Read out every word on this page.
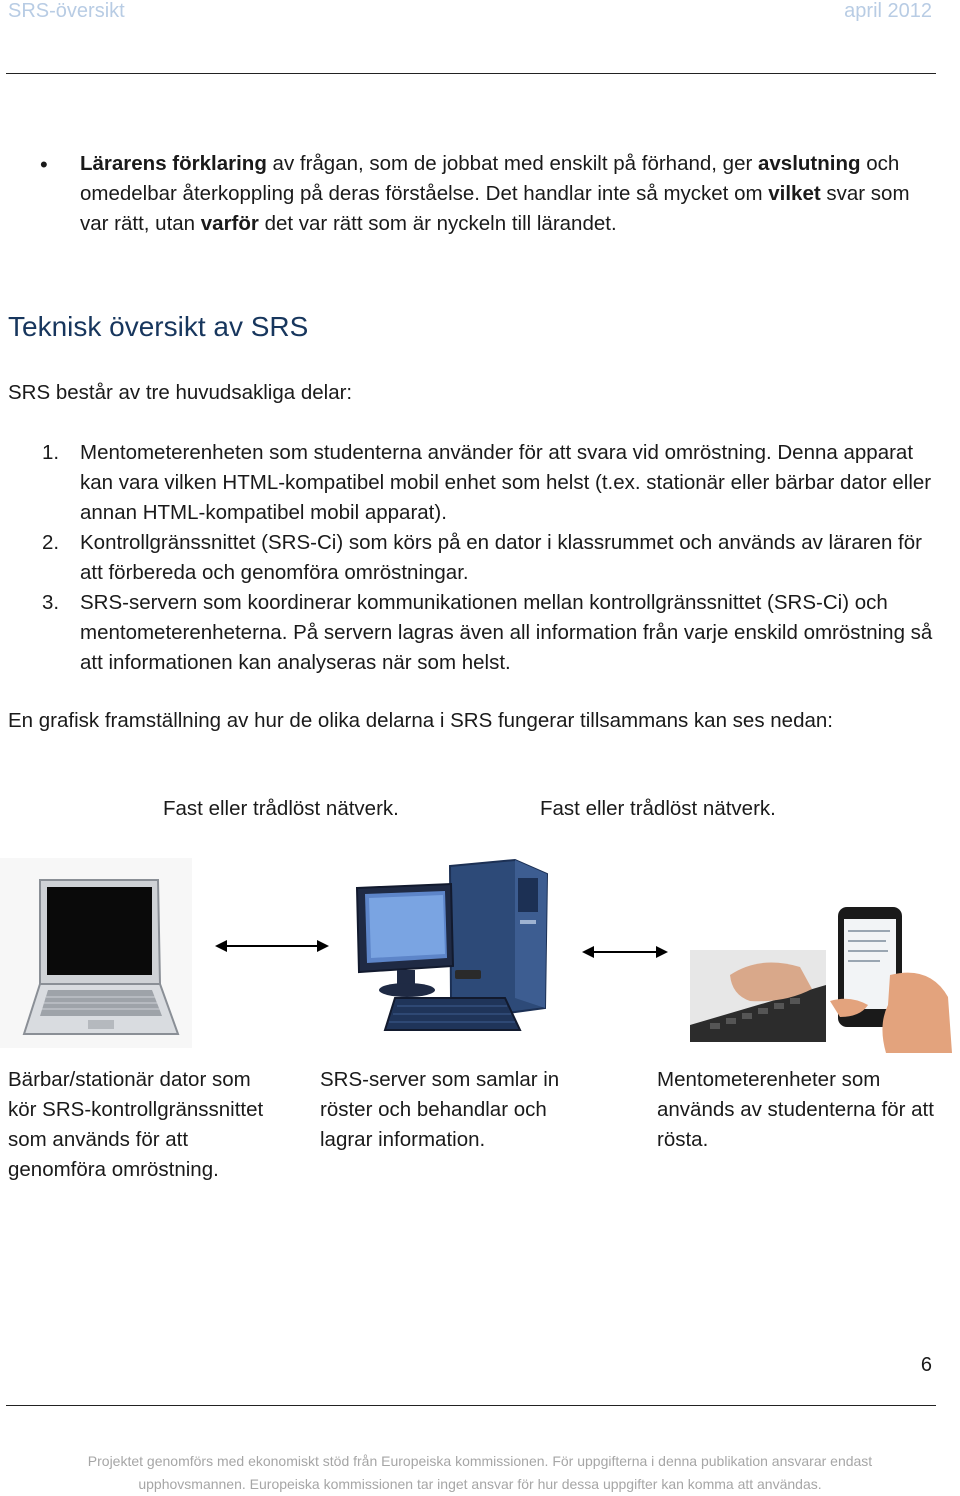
SRS-översikt	april 2012
• Lärarens förklaring av frågan, som de jobbat med enskilt på förhand, ger avslutning och omedelbar återkoppling på deras förståelse. Det handlar inte så mycket om vilket svar som var rätt, utan varför det var rätt som är nyckeln till lärandet.
Teknisk översikt av SRS
SRS består av tre huvudsakliga delar:
1.	Mentometerenheten som studenterna använder för att svara vid omröstning. Denna apparat kan vara vilken HTML-kompatibel mobil enhet som helst (t.ex. stationär eller bärbar dator eller annan HTML-kompatibel mobil apparat).
2.	Kontrollgränssnittet (SRS-Ci) som körs på en dator i klassrummet och används av läraren för att förbereda och genomföra omröstningar.
3.	SRS-servern som koordinerar kommunikationen mellan kontrollgränssnittet (SRS-Ci) och mentometerenheterna. På servern lagras även all information från varje enskild omröstning så att informationen kan analyseras när som helst.
En grafisk framställning av hur de olika delarna i SRS fungerar tillsammans kan ses nedan:
Fast eller trådlöst nätverk.	Fast eller trådlöst nätverk.
Bärbar/stationär dator som kör SRS-kontrollgränssnittet som används för att genomföra omröstning.
SRS-server som samlar in röster och behandlar och lagrar information.
Mentometerenheter som används av studenterna för att rösta.
6
Projektet genomförs med ekonomiskt stöd från Europeiska kommissionen. För uppgifterna i denna publikation ansvarar endast
upphovsmannen. Europeiska kommissionen tar inget ansvar för hur dessa uppgifter kan komma att användas.
